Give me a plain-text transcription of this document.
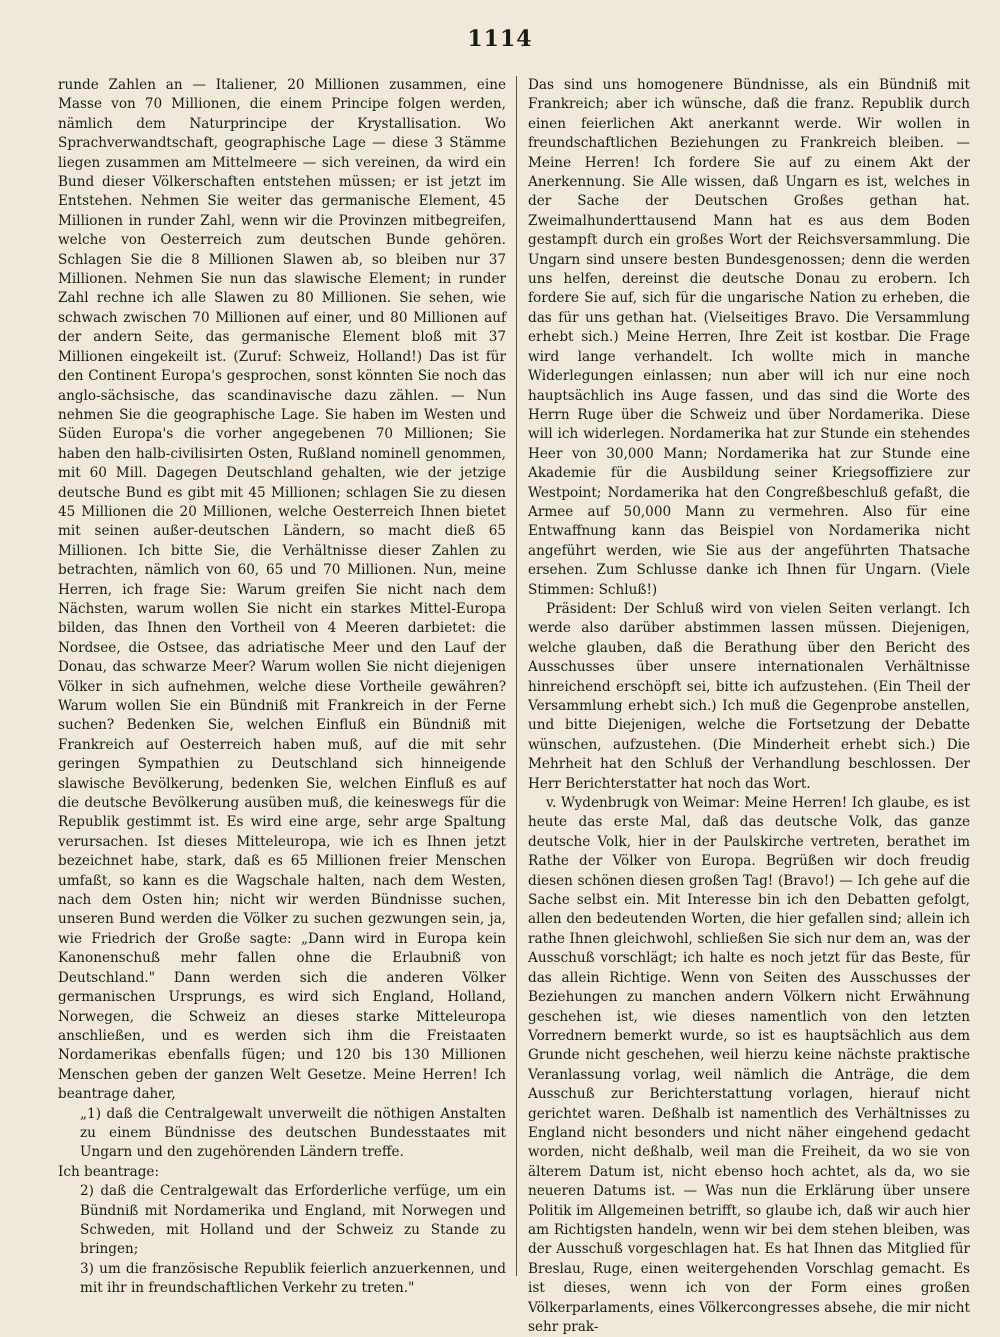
1114

runde Zahlen an — Italiener, 20 Millionen zusammen, eine Masse von 70 Millionen, die einem Principe folgen werden, nämlich dem Naturprincipe der Krystallisation. Wo Sprachverwandtschaft, geographische Lage — diese 3 Stämme liegen zusammen am Mittelmeere — sich vereinen, da wird ein Bund dieser Völkerschaften entstehen müssen; er ist jetzt im Entstehen. Nehmen Sie weiter das germanische Element, 45 Millionen in runder Zahl, wenn wir die Provinzen mitbegreifen, welche von Oesterreich zum deutschen Bunde gehören. Schlagen Sie die 8 Millionen Slawen ab, so bleiben nur 37 Millionen. Nehmen Sie nun das slawische Element; in runder Zahl rechne ich alle Slawen zu 80 Millionen. Sie sehen, wie schwach zwischen 70 Millionen auf einer, und 80 Millionen auf der andern Seite, das germanische Element bloß mit 37 Millionen eingekeilt ist. (Zuruf: Schweiz, Holland!) Das ist für den Continent Europa's gesprochen, sonst könnten Sie noch das anglo-sächsische, das scandinavische dazu zählen. — Nun nehmen Sie die geographische Lage. Sie haben im Westen und Süden Europa's die vorher angegebenen 70 Millionen; Sie haben den halb-civilisirten Osten, Rußland nominell genommen, mit 60 Mill. Dagegen Deutschland gehalten, wie der jetzige deutsche Bund es gibt mit 45 Millionen; schlagen Sie zu diesen 45 Millionen die 20 Millionen, welche Oesterreich Ihnen bietet mit seinen außer-deutschen Ländern, so macht dieß 65 Millionen. Ich bitte Sie, die Verhältnisse dieser Zahlen zu betrachten, nämlich von 60, 65 und 70 Millionen. Nun, meine Herren, ich frage Sie: Warum greifen Sie nicht nach dem Nächsten, warum wollen Sie nicht ein starkes Mittel-Europa bilden, das Ihnen den Vortheil von 4 Meeren darbietet: die Nordsee, die Ostsee, das adriatische Meer und den Lauf der Donau, das schwarze Meer? Warum wollen Sie nicht diejenigen Völker in sich aufnehmen, welche diese Vortheile gewähren? Warum wollen Sie ein Bündniß mit Frankreich in der Ferne suchen? Bedenken Sie, welchen Einfluß ein Bündniß mit Frankreich auf Oesterreich haben muß, auf die mit sehr geringen Sympathien zu Deutschland sich hinneigende slawische Bevölkerung, bedenken Sie, welchen Einfluß es auf die deutsche Bevölkerung ausüben muß, die keineswegs für die Republik gestimmt ist. Es wird eine arge, sehr arge Spaltung verursachen. Ist dieses Mitteleuropa, wie ich es Ihnen jetzt bezeichnet habe, stark, daß es 65 Millionen freier Menschen umfaßt, so kann es die Wagschale halten, nach dem Westen, nach dem Osten hin; nicht wir werden Bündnisse suchen, unseren Bund werden die Völker zu suchen gezwungen sein, ja, wie Friedrich der Große sagte: „Dann wird in Europa kein Kanonenschuß mehr fallen ohne die Erlaubniß von Deutschland." Dann werden sich die anderen Völker germanischen Ursprungs, es wird sich England, Holland, Norwegen, die Schweiz an dieses starke Mitteleuropa anschließen, und es werden sich ihm die Freistaaten Nordamerikas ebenfalls fügen; und 120 bis 130 Millionen Menschen geben der ganzen Welt Gesetze. Meine Herren! Ich beantrage daher,

„1) daß die Centralgewalt unverweilt die nöthigen Anstalten zu einem Bündnisse des deutschen Bundesstaates mit Ungarn und den zugehörenden Ländern treffe.

Ich beantrage:

2) daß die Centralgewalt das Erforderliche verfüge, um ein Bündniß mit Nordamerika und England, mit Norwegen und Schweden, mit Holland und der Schweiz zu Stande zu bringen;

3) um die französische Republik feierlich anzuerkennen, und mit ihr in freundschaftlichen Verkehr zu treten."

Das sind uns homogenere Bündnisse, als ein Bündniß mit Frankreich; aber ich wünsche, daß die franz. Republik durch einen feierlichen Akt anerkannt werde. Wir wollen in freundschaftlichen Beziehungen zu Frankreich bleiben. — Meine Herren! Ich fordere Sie auf zu einem Akt der Anerkennung. Sie Alle wissen, daß Ungarn es ist, welches in der Sache der Deutschen Großes gethan hat. Zweimalhunderttausend Mann hat es aus dem Boden gestampft durch ein großes Wort der Reichsversammlung. Die Ungarn sind unsere besten Bundesgenossen; denn die werden uns helfen, dereinst die deutsche Donau zu erobern. Ich fordere Sie auf, sich für die ungarische Nation zu erheben, die das für uns gethan hat. (Vielseitiges Bravo. Die Versammlung erhebt sich.) Meine Herren, Ihre Zeit ist kostbar. Die Frage wird lange verhandelt. Ich wollte mich in manche Widerlegungen einlassen; nun aber will ich nur eine noch hauptsächlich ins Auge fassen, und das sind die Worte des Herrn Ruge über die Schweiz und über Nordamerika. Diese will ich widerlegen. Nordamerika hat zur Stunde ein stehendes Heer von 30,000 Mann; Nordamerika hat zur Stunde eine Akademie für die Ausbildung seiner Kriegsoffiziere zur Westpoint; Nordamerika hat den Congreßbeschluß gefaßt, die Armee auf 50,000 Mann zu vermehren. Also für eine Entwaffnung kann das Beispiel von Nordamerika nicht angeführt werden, wie Sie aus der angeführten Thatsache ersehen. Zum Schlusse danke ich Ihnen für Ungarn. (Viele Stimmen: Schluß!)

Präsident: Der Schluß wird von vielen Seiten verlangt. Ich werde also darüber abstimmen lassen müssen. Diejenigen, welche glauben, daß die Berathung über den Bericht des Ausschusses über unsere internationalen Verhältnisse hinreichend erschöpft sei, bitte ich aufzustehen. (Ein Theil der Versammlung erhebt sich.) Ich muß die Gegenprobe anstellen, und bitte Diejenigen, welche die Fortsetzung der Debatte wünschen, aufzustehen. (Die Minderheit erhebt sich.) Die Mehrheit hat den Schluß der Verhandlung beschlossen. Der Herr Berichterstatter hat noch das Wort.

v. Wydenbrugk von Weimar: Meine Herren! Ich glaube, es ist heute das erste Mal, daß das deutsche Volk, das ganze deutsche Volk, hier in der Paulskirche vertreten, berathet im Rathe der Völker von Europa. Begrüßen wir doch freudig diesen schönen diesen großen Tag! (Bravo!) — Ich gehe auf die Sache selbst ein. Mit Interesse bin ich den Debatten gefolgt, allen den bedeutenden Worten, die hier gefallen sind; allein ich rathe Ihnen gleichwohl, schließen Sie sich nur dem an, was der Ausschuß vorschlägt; ich halte es noch jetzt für das Beste, für das allein Richtige. Wenn von Seiten des Ausschusses der Beziehungen zu manchen andern Völkern nicht Erwähnung geschehen ist, wie dieses namentlich von den letzten Vorrednern bemerkt wurde, so ist es hauptsächlich aus dem Grunde nicht geschehen, weil hierzu keine nächste praktische Veranlassung vorlag, weil nämlich die Anträge, die dem Ausschuß zur Berichterstattung vorlagen, hierauf nicht gerichtet waren. Deßhalb ist namentlich des Verhältnisses zu England nicht besonders und nicht näher eingehend gedacht worden, nicht deßhalb, weil man die Freiheit, da wo sie von älterem Datum ist, nicht ebenso hoch achtet, als da, wo sie neueren Datums ist. — Was nun die Erklärung über unsere Politik im Allgemeinen betrifft, so glaube ich, daß wir auch hier am Richtigsten handeln, wenn wir bei dem stehen bleiben, was der Ausschuß vorgeschlagen hat. Es hat Ihnen das Mitglied für Breslau, Ruge, einen weitergehenden Vorschlag gemacht. Es ist dieses, wenn ich von der Form eines großen Völkerparlaments, eines Völkercongresses absehe, die mir nicht sehr prak-
